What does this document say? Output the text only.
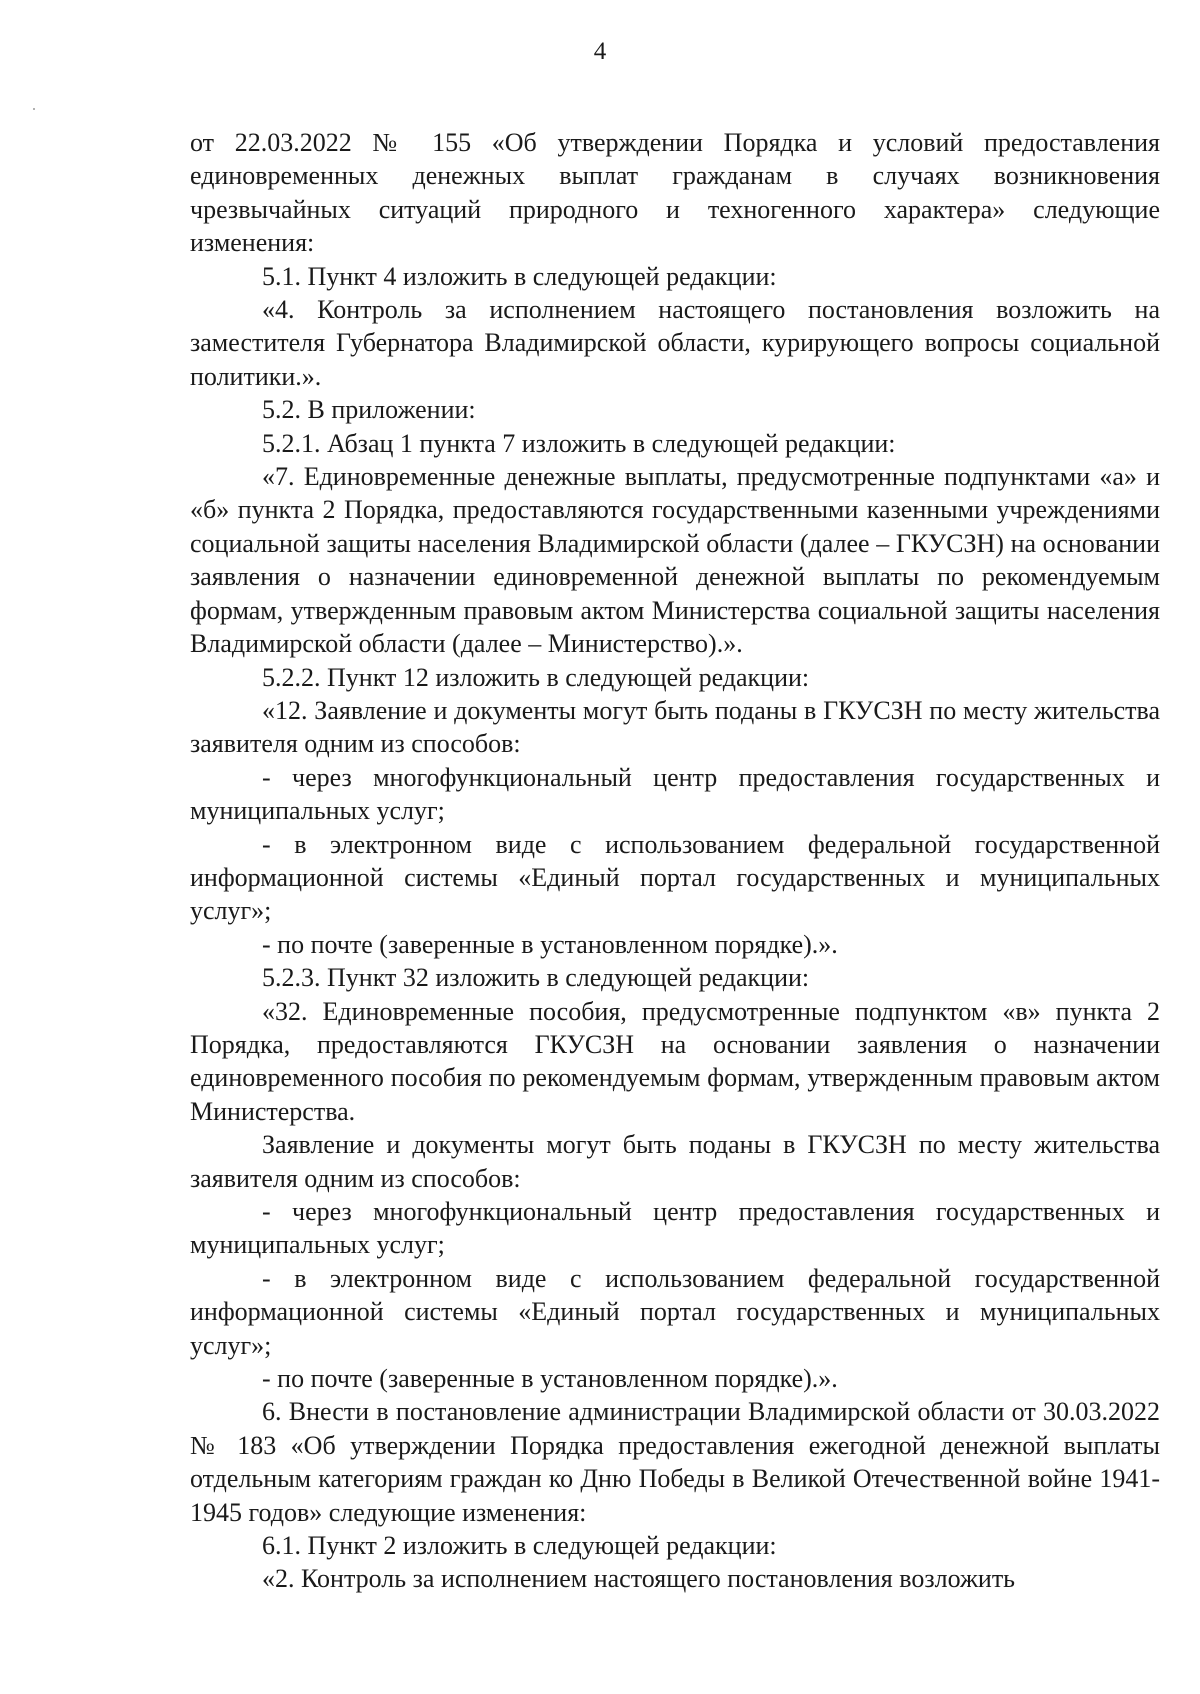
4

от 22.03.2022 № 155 «Об утверждении Порядка и условий предоставления единовременных денежных выплат гражданам в случаях возникновения чрезвычайных ситуаций природного и техногенного характера» следующие изменения:

5.1. Пункт 4 изложить в следующей редакции:

«4. Контроль за исполнением настоящего постановления возложить на заместителя Губернатора Владимирской области, курирующего вопросы социальной политики.».

5.2. В приложении:

5.2.1. Абзац 1 пункта 7 изложить в следующей редакции:

«7. Единовременные денежные выплаты, предусмотренные подпунктами «а» и «б» пункта 2 Порядка, предоставляются государственными казенными учреждениями социальной защиты населения Владимирской области (далее – ГКУСЗН) на основании заявления о назначении единовременной денежной выплаты по рекомендуемым формам, утвержденным правовым актом Министерства социальной защиты населения Владимирской области (далее – Министерство).».

5.2.2. Пункт 12 изложить в следующей редакции:

«12. Заявление и документы могут быть поданы в ГКУСЗН по месту жительства заявителя одним из способов:

- через многофункциональный центр предоставления государственных и муниципальных услуг;

- в электронном виде с использованием федеральной государственной информационной системы «Единый портал государственных и муниципальных услуг»;

- по почте (заверенные в установленном порядке).».

5.2.3. Пункт 32 изложить в следующей редакции:

«32. Единовременные пособия, предусмотренные подпунктом «в» пункта 2 Порядка, предоставляются ГКУСЗН на основании заявления о назначении единовременного пособия по рекомендуемым формам, утвержденным правовым актом Министерства.

Заявление и документы могут быть поданы в ГКУСЗН по месту жительства заявителя одним из способов:

- через многофункциональный центр предоставления государственных и муниципальных услуг;

- в электронном виде с использованием федеральной государственной информационной системы «Единый портал государственных и муниципальных услуг»;

- по почте (заверенные в установленном порядке).».

6. Внести в постановление администрации Владимирской области от 30.03.2022 № 183 «Об утверждении Порядка предоставления ежегодной денежной выплаты отдельным категориям граждан ко Дню Победы в Великой Отечественной войне 1941-1945 годов» следующие изменения:

6.1. Пункт 2 изложить в следующей редакции:

«2. Контроль за исполнением настоящего постановления возложить
